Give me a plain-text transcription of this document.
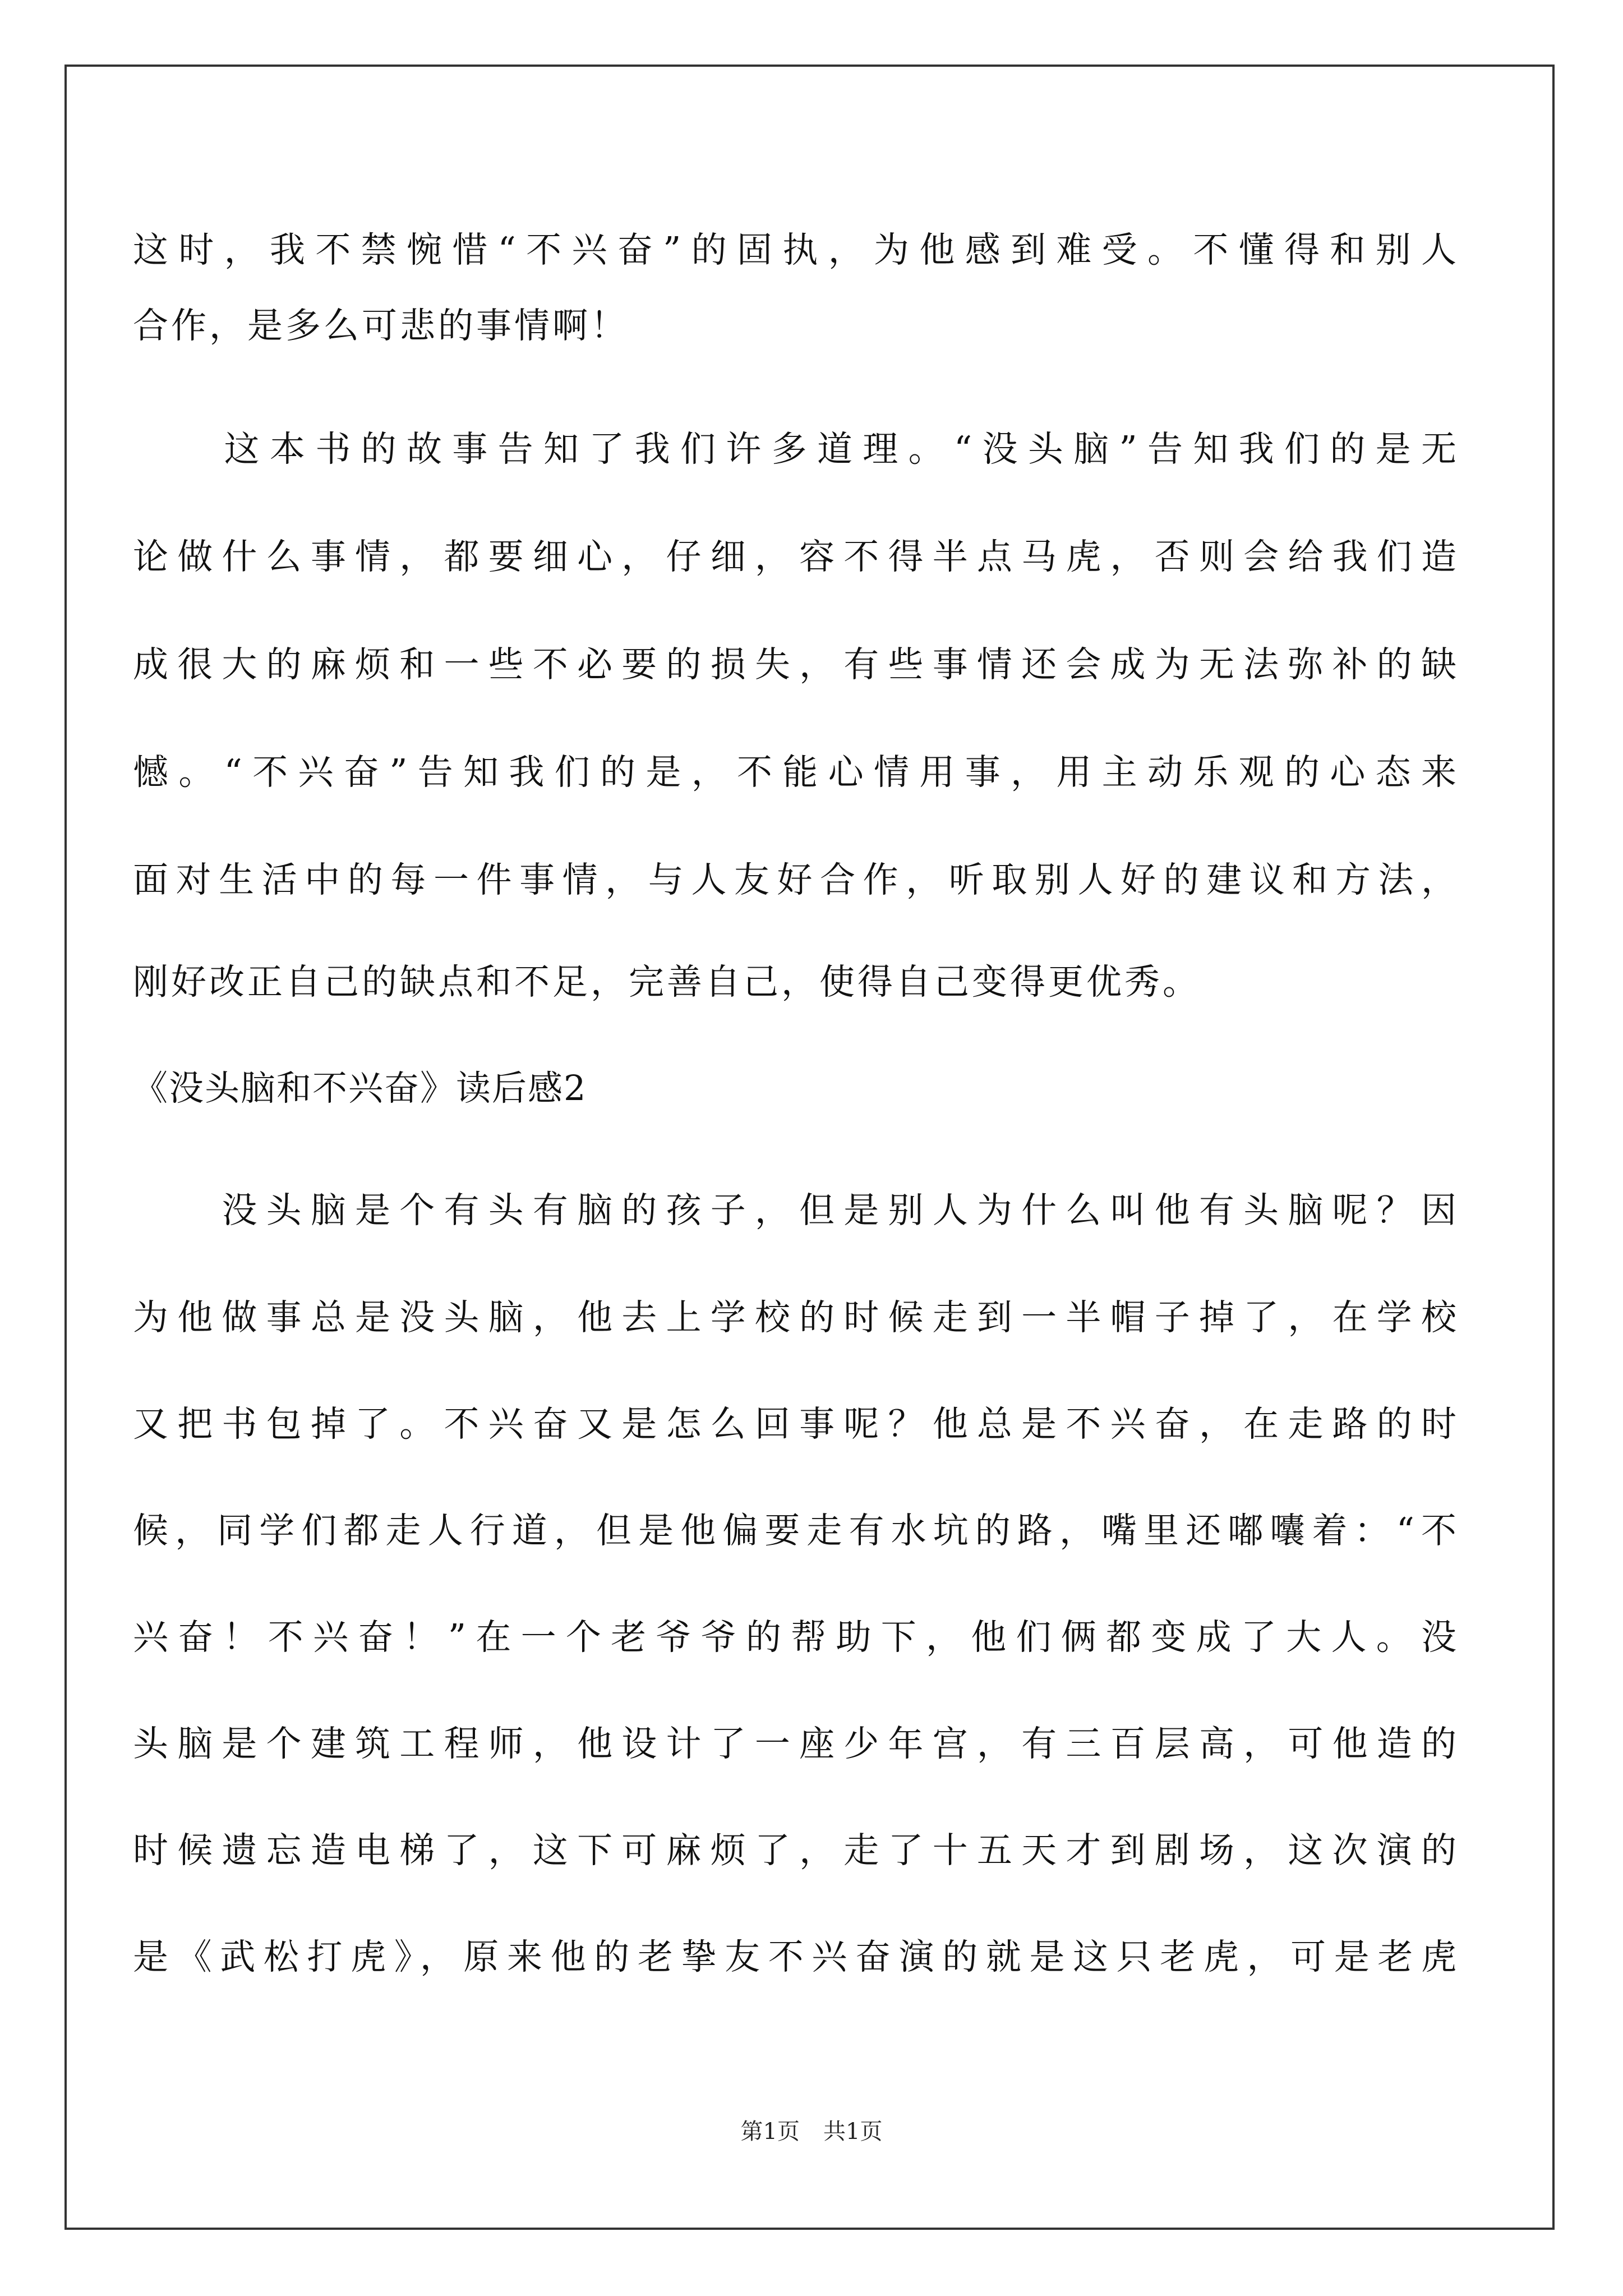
这时，我不禁惋惜“不兴奋”的固执，为他感到难受。不懂得和别人
合作，是多么可悲的事情啊！
　　这本书的故事告知了我们许多道理。“没头脑”告知我们的是无
论做什么事情，都要细心，仔细，容不得半点马虎，否则会给我们造
成很大的麻烦和一些不必要的损失，有些事情还会成为无法弥补的缺
憾。“不兴奋”告知我们的是，不能心情用事，用主动乐观的心态来
面对生活中的每一件事情，与人友好合作，听取别人好的建议和方法，
刚好改正自己的缺点和不足，完善自己，使得自己变得更优秀。
《没头脑和不兴奋》读后感2
　　没头脑是个有头有脑的孩子，但是别人为什么叫他有头脑呢？因
为他做事总是没头脑，他去上学校的时候走到一半帽子掉了，在学校
又把书包掉了。不兴奋又是怎么回事呢？他总是不兴奋，在走路的时
候，同学们都走人行道，但是他偏要走有水坑的路，嘴里还嘟囔着：“不
兴奋！不兴奋！”在一个老爷爷的帮助下，他们俩都变成了大人。没
头脑是个建筑工程师，他设计了一座少年宫，有三百层高，可他造的
时候遗忘造电梯了，这下可麻烦了，走了十五天才到剧场，这次演的
是《武松打虎》，原来他的老挚友不兴奋演的就是这只老虎，可是老虎
第1页 共1页
